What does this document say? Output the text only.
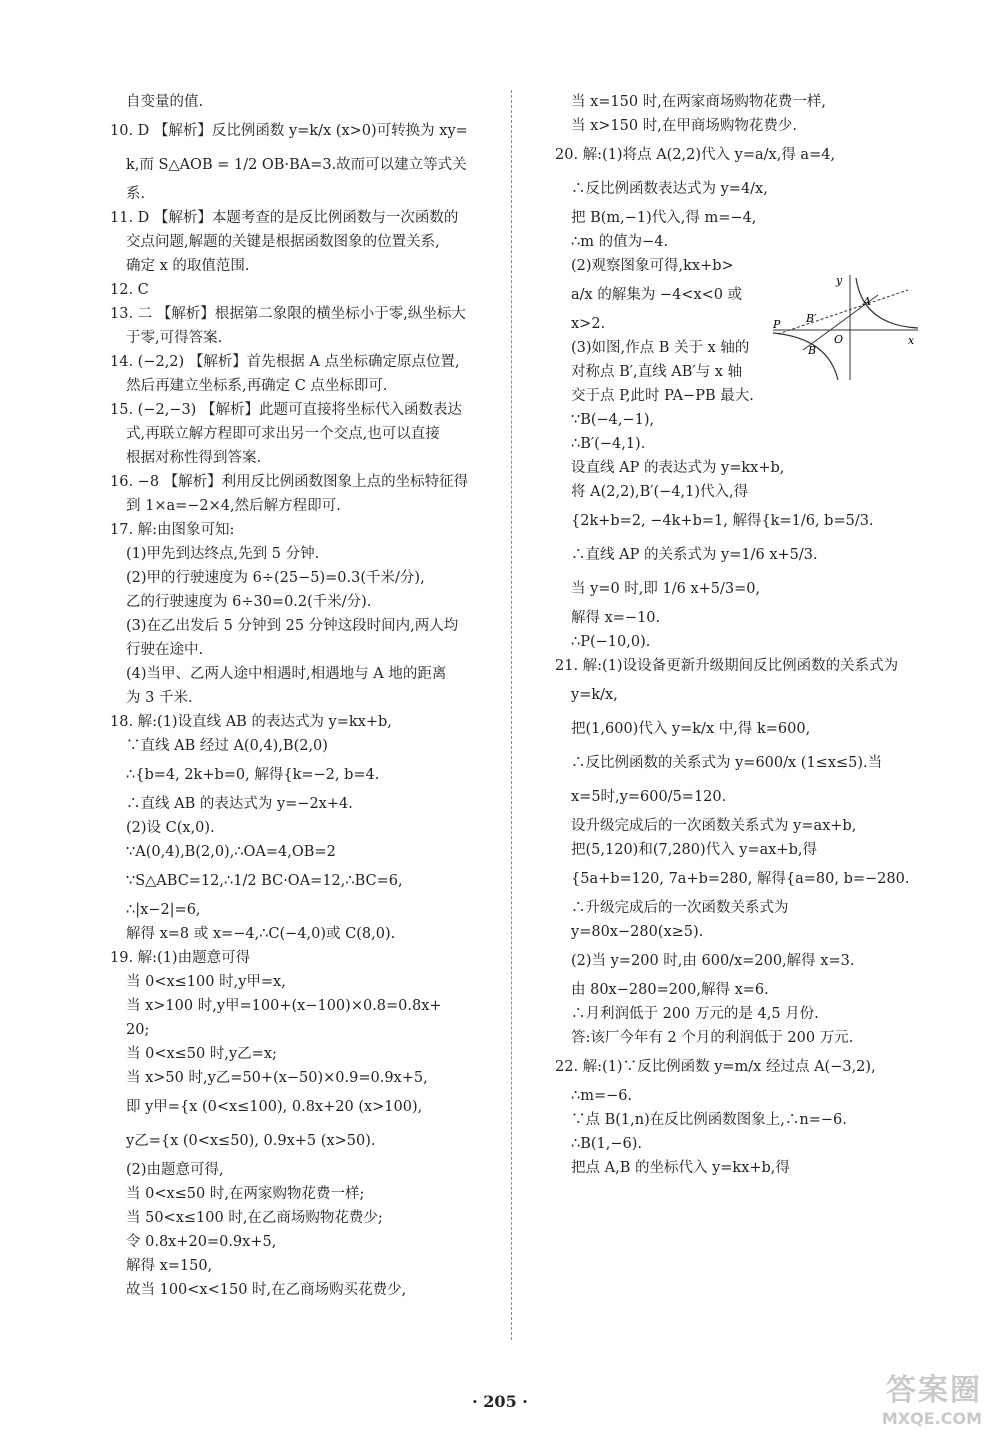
自变量的值.
10. D 【解析】反比例函数 y=k/x (x>0)可转换为 xy=
k,而 S△AOB = 1/2 OB·BA=3.故而可以建立等式关
系.
11. D 【解析】本题考查的是反比例函数与一次函数的
交点问题,解题的关键是根据函数图象的位置关系,
确定 x 的取值范围.
12. C
13. 二 【解析】根据第二象限的横坐标小于零,纵坐标大
于零,可得答案.
14. (−2,2) 【解析】首先根据 A 点坐标确定原点位置,
然后再建立坐标系,再确定 C 点坐标即可.
15. (−2,−3) 【解析】此题可直接将坐标代入函数表达
式,再联立解方程即可求出另一个交点,也可以直接
根据对称性得到答案.
16. −8 【解析】利用反比例函数图象上点的坐标特征得
到 1×a=−2×4,然后解方程即可.
17. 解:由图象可知:
(1)甲先到达终点,先到 5 分钟.
(2)甲的行驶速度为 6÷(25−5)=0.3(千米/分),
乙的行驶速度为 6÷30=0.2(千米/分).
(3)在乙出发后 5 分钟到 25 分钟这段时间内,两人均
行驶在途中.
(4)当甲、乙两人途中相遇时,相遇地与 A 地的距离
为 3 千米.
18. 解:(1)设直线 AB 的表达式为 y=kx+b,
∵直线 AB 经过 A(0,4),B(2,0)
∴{b=4, 2k+b=0, 解得{k=−2, b=4.
∴直线 AB 的表达式为 y=−2x+4.
(2)设 C(x,0).
∵A(0,4),B(2,0),∴OA=4,OB=2
∵S△ABC=12,∴1/2 BC·OA=12,∴BC=6,
∴|x−2|=6,
解得 x=8 或 x=−4,∴C(−4,0)或 C(8,0).
19. 解:(1)由题意可得
当 0<x≤100 时,y甲=x,
当 x>100 时,y甲=100+(x−100)×0.8=0.8x+
20;
当 0<x≤50 时,y乙=x;
当 x>50 时,y乙=50+(x−50)×0.9=0.9x+5,
即 y甲={x (0<x≤100), 0.8x+20 (x>100),
y乙={x (0<x≤50), 0.9x+5 (x>50).
(2)由题意可得,
当 0<x≤50 时,在两家购物花费一样;
当 50<x≤100 时,在乙商场购物花费少;
令 0.8x+20=0.9x+5,
解得 x=150,
故当 100<x<150 时,在乙商场购买花费少,
当 x=150 时,在两家商场购物花费一样,
当 x>150 时,在甲商场购物花费少.
20. 解:(1)将点 A(2,2)代入 y=a/x,得 a=4,
∴反比例函数表达式为 y=4/x,
把 B(m,−1)代入,得 m=−4,
∴m 的值为−4.
(2)观察图象可得,kx+b>
a/x 的解集为 −4<x<0 或
x>2.
(3)如图,作点 B 关于 x 轴的
对称点 B′,直线 AB′与 x 轴
交于点 P,此时 PA−PB 最大.
∵B(−4,−1),
∴B′(−4,1).
设直线 AP 的表达式为 y=kx+b,
将 A(2,2),B′(−4,1)代入,得
{2k+b=2, −4k+b=1, 解得{k=1/6, b=5/3.
∴直线 AP 的关系式为 y=1/6 x+5/3.
当 y=0 时,即 1/6 x+5/3=0,
解得 x=−10.
∴P(−10,0).
21. 解:(1)设设备更新升级期间反比例函数的关系式为
y=k/x,
把(1,600)代入 y=k/x 中,得 k=600,
∴反比例函数的关系式为 y=600/x (1≤x≤5).当
x=5时,y=600/5=120.
设升级完成后的一次函数关系式为 y=ax+b,
把(5,120)和(7,280)代入 y=ax+b,得
{5a+b=120, 7a+b=280, 解得{a=80, b=−280.
∴升级完成后的一次函数关系式为
y=80x−280(x≥5).
(2)当 y=200 时,由 600/x=200,解得 x=3.
由 80x−280=200,解得 x=6.
∴月利润低于 200 万元的是 4,5 月份.
答:该厂今年有 2 个月的利润低于 200 万元.
22. 解:(1)∵反比例函数 y=m/x 经过点 A(−3,2),
∴m=−6.
∵点 B(1,n)在反比例函数图象上,∴n=−6.
∴B(1,−6).
把点 A,B 的坐标代入 y=kx+b,得
y
A
B′
P
B
O	x
· 205 ·	答案圈
MXQE.COM
